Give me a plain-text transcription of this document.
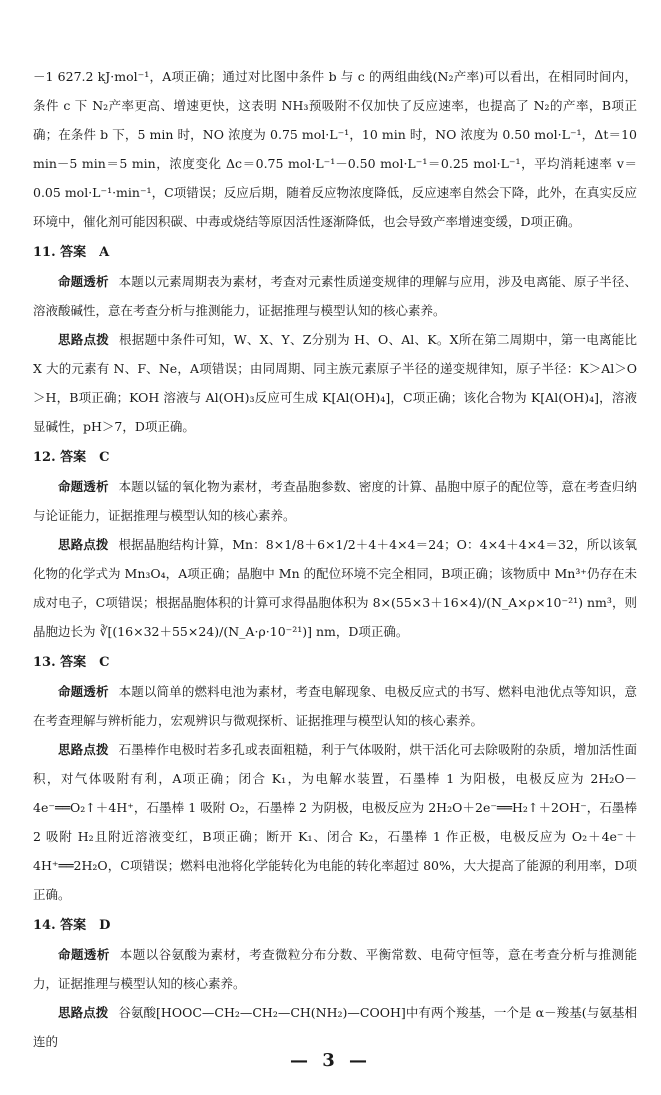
－1 627.2 kJ·mol⁻¹，A项正确；通过对比图中条件 b 与 c 的两组曲线(N₂产率)可以看出，在相同时间内，条件 c 下 N₂产率更高、增速更快，这表明 NH₃预吸附不仅加快了反应速率，也提高了 N₂的产率，B项正确；在条件 b 下，5 min 时，NO 浓度为 0.75 mol·L⁻¹，10 min 时，NO 浓度为 0.50 mol·L⁻¹，Δt＝10 min－5 min＝5 min，浓度变化 Δc＝0.75 mol·L⁻¹－0.50 mol·L⁻¹＝0.25 mol·L⁻¹，平均消耗速率 v＝0.05 mol·L⁻¹·min⁻¹，C项错误；反应后期，随着反应物浓度降低，反应速率自然会下降，此外，在真实反应环境中，催化剂可能因积碳、中毒或烧结等原因活性逐渐降低，也会导致产率增速变缓，D项正确。

11. 答案　A

命题透析 本题以元素周期表为素材，考查对元素性质递变规律的理解与应用，涉及电离能、原子半径、溶液酸碱性，意在考查分析与推测能力，证据推理与模型认知的核心素养。

思路点拨 根据题中条件可知，W、X、Y、Z分别为 H、O、Al、K。X所在第二周期中，第一电离能比 X 大的元素有 N、F、Ne，A项错误；由同周期、同主族元素原子半径的递变规律知，原子半径：K＞Al＞O＞H，B项正确；KOH 溶液与 Al(OH)₃反应可生成 K[Al(OH)₄]，C项正确；该化合物为 K[Al(OH)₄]，溶液显碱性，pH＞7，D项正确。

12. 答案　C

命题透析 本题以锰的氧化物为素材，考查晶胞参数、密度的计算、晶胞中原子的配位等，意在考查归纳与论证能力，证据推理与模型认知的核心素养。

思路点拨 根据晶胞结构计算，Mn：8×1/8＋6×1/2＋4＋4×4＝24；O：4×4＋4×4＝32，所以该氧化物的化学式为 Mn₃O₄，A项正确；晶胞中 Mn 的配位环境不完全相同，B项正确；该物质中 Mn³⁺仍存在未成对电子，C项错误；根据晶胞体积的计算可求得晶胞体积为 8×(55×3＋16×4)/(N_A×ρ×10⁻²¹) nm³，则晶胞边长为 ∛[(16×32＋55×24)/(N_A·ρ·10⁻²¹)] nm，D项正确。

13. 答案　C

命题透析 本题以简单的燃料电池为素材，考查电解现象、电极反应式的书写、燃料电池优点等知识，意在考查理解与辨析能力，宏观辨识与微观探析、证据推理与模型认知的核心素养。

思路点拨 石墨棒作电极时若多孔或表面粗糙，利于气体吸附，烘干活化可去除吸附的杂质，增加活性面积，对气体吸附有利，A项正确；闭合 K₁，为电解水装置，石墨棒 1 为阳极，电极反应为 2H₂O－4e⁻══O₂↑＋4H⁺，石墨棒 1 吸附 O₂，石墨棒 2 为阴极，电极反应为 2H₂O＋2e⁻══H₂↑＋2OH⁻，石墨棒 2 吸附 H₂且附近溶液变红，B项正确；断开 K₁、闭合 K₂，石墨棒 1 作正极，电极反应为 O₂＋4e⁻＋4H⁺══2H₂O，C项错误；燃料电池将化学能转化为电能的转化率超过 80%，大大提高了能源的利用率，D项正确。

14. 答案　D

命题透析 本题以谷氨酸为素材，考查微粒分布分数、平衡常数、电荷守恒等，意在考查分析与推测能力，证据推理与模型认知的核心素养。

思路点拨 谷氨酸[HOOC—CH₂—CH₂—CH(NH₂)—COOH]中有两个羧基，一个是 α－羧基(与氨基相连的

— 3 —
